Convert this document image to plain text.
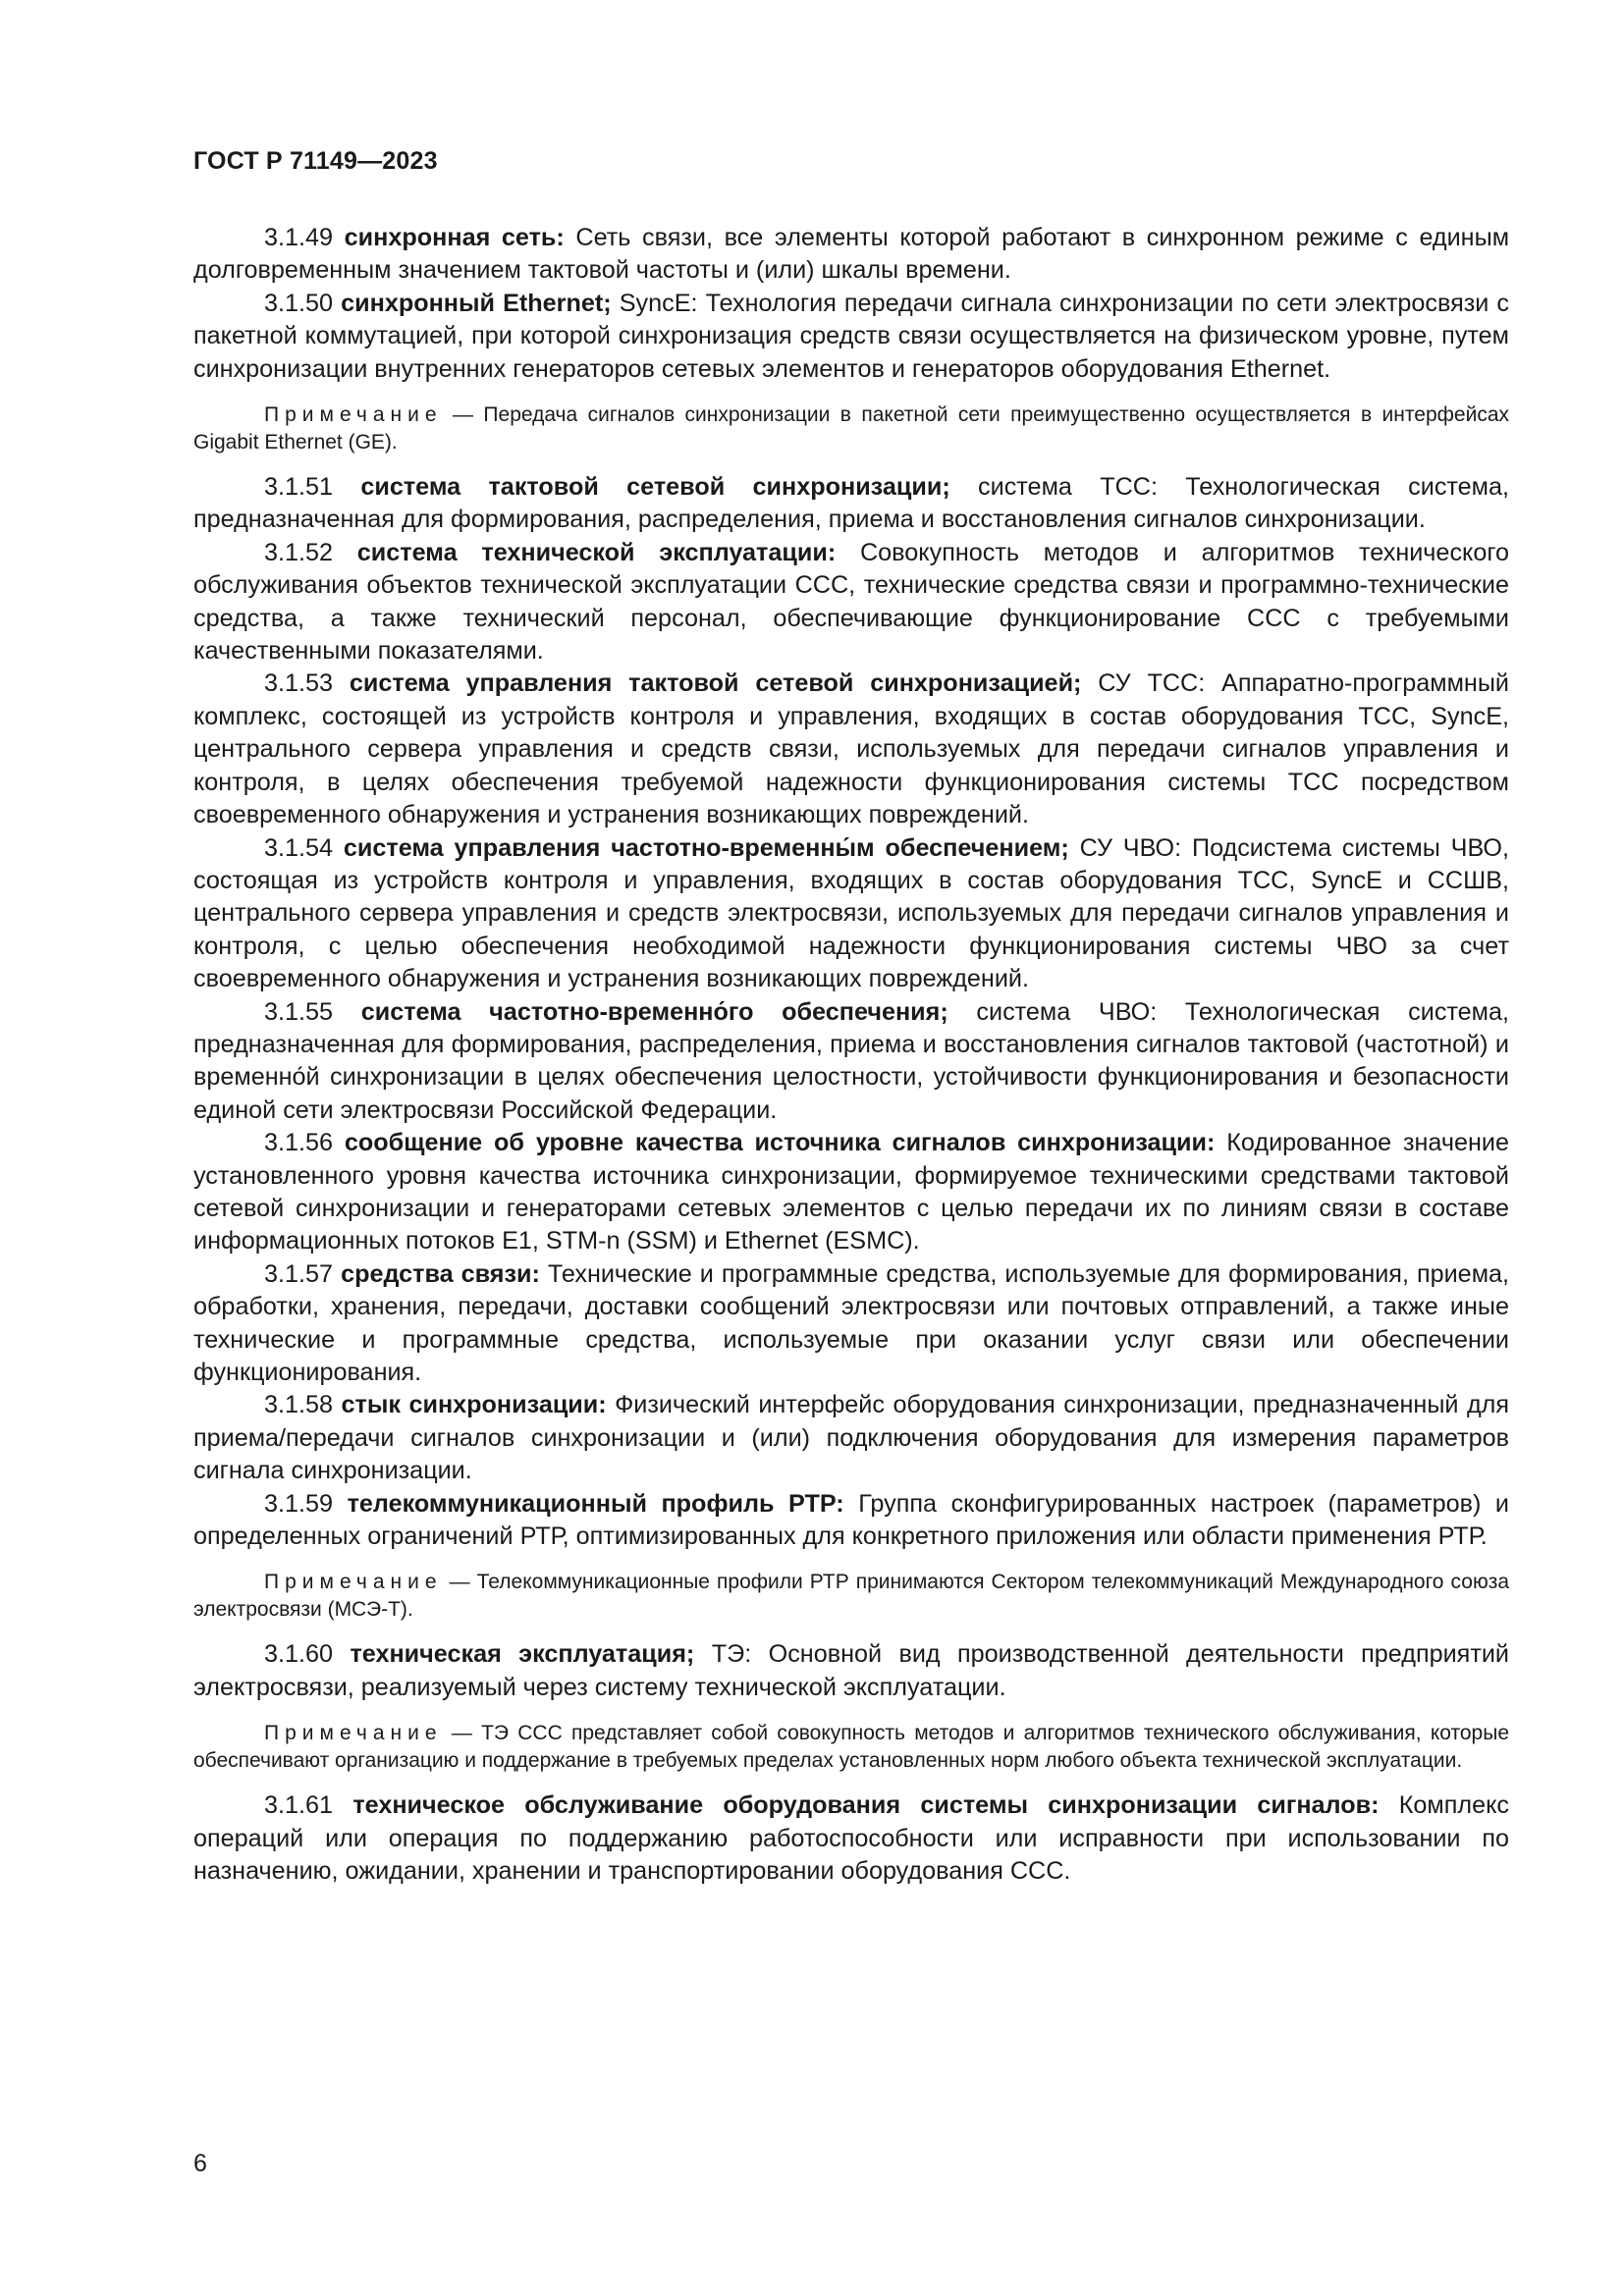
ГОСТ Р 71149—2023

3.1.49 синхронная сеть: Сеть связи, все элементы которой работают в синхронном режиме с единым долговременным значением тактовой частоты и (или) шкалы времени.

3.1.50 синхронный Ethernet; SyncE: Технология передачи сигнала синхронизации по сети электросвязи с пакетной коммутацией, при которой синхронизация средств связи осуществляется на физическом уровне, путем синхронизации внутренних генераторов сетевых элементов и генераторов оборудования Ethernet.

Примечание — Передача сигналов синхронизации в пакетной сети преимущественно осуществляется в интерфейсах Gigabit Ethernet (GE).

3.1.51 система тактовой сетевой синхронизации; система ТСС: Технологическая система, предназначенная для формирования, распределения, приема и восстановления сигналов синхронизации.

3.1.52 система технической эксплуатации: Совокупность методов и алгоритмов технического обслуживания объектов технической эксплуатации ССС, технические средства связи и программно-технические средства, а также технический персонал, обеспечивающие функционирование ССС с требуемыми качественными показателями.

3.1.53 система управления тактовой сетевой синхронизацией; СУ ТСС: Аппаратно-программный комплекс, состоящей из устройств контроля и управления, входящих в состав оборудования ТСС, SyncE, центрального сервера управления и средств связи, используемых для передачи сигналов управления и контроля, в целях обеспечения требуемой надежности функционирования системы ТСС посредством своевременного обнаружения и устранения возникающих повреждений.

3.1.54 система управления частотно-временны́м обеспечением; СУ ЧВО: Подсистема системы ЧВО, состоящая из устройств контроля и управления, входящих в состав оборудования ТСС, SyncE и ССШВ, центрального сервера управления и средств электросвязи, используемых для передачи сигналов управления и контроля, с целью обеспечения необходимой надежности функционирования системы ЧВО за счет своевременного обнаружения и устранения возникающих повреждений.

3.1.55 система частотно-временно́го обеспечения; система ЧВО: Технологическая система, предназначенная для формирования, распределения, приема и восстановления сигналов тактовой (частотной) и временно́й синхронизации в целях обеспечения целостности, устойчивости функционирования и безопасности единой сети электросвязи Российской Федерации.

3.1.56 сообщение об уровне качества источника сигналов синхронизации: Кодированное значение установленного уровня качества источника синхронизации, формируемое техническими средствами тактовой сетевой синхронизации и генераторами сетевых элементов с целью передачи их по линиям связи в составе информационных потоков E1, STM-n (SSM) и Ethernet (ESMC).

3.1.57 средства связи: Технические и программные средства, используемые для формирования, приема, обработки, хранения, передачи, доставки сообщений электросвязи или почтовых отправлений, а также иные технические и программные средства, используемые при оказании услуг связи или обеспечении функционирования.

3.1.58 стык синхронизации: Физический интерфейс оборудования синхронизации, предназначенный для приема/передачи сигналов синхронизации и (или) подключения оборудования для измерения параметров сигнала синхронизации.

3.1.59 телекоммуникационный профиль РТР: Группа сконфигурированных настроек (параметров) и определенных ограничений РТР, оптимизированных для конкретного приложения или области применения РТР.

Примечание — Телекоммуникационные профили РТР принимаются Сектором телекоммуникаций Международного союза электросвязи (МСЭ-Т).

3.1.60 техническая эксплуатация; ТЭ: Основной вид производственной деятельности предприятий электросвязи, реализуемый через систему технической эксплуатации.

Примечание — ТЭ ССС представляет собой совокупность методов и алгоритмов технического обслуживания, которые обеспечивают организацию и поддержание в требуемых пределах установленных норм любого объекта технической эксплуатации.

3.1.61 техническое обслуживание оборудования системы синхронизации сигналов: Комплекс операций или операция по поддержанию работоспособности или исправности при использовании по назначению, ожидании, хранении и транспортировании оборудования ССС.

6
